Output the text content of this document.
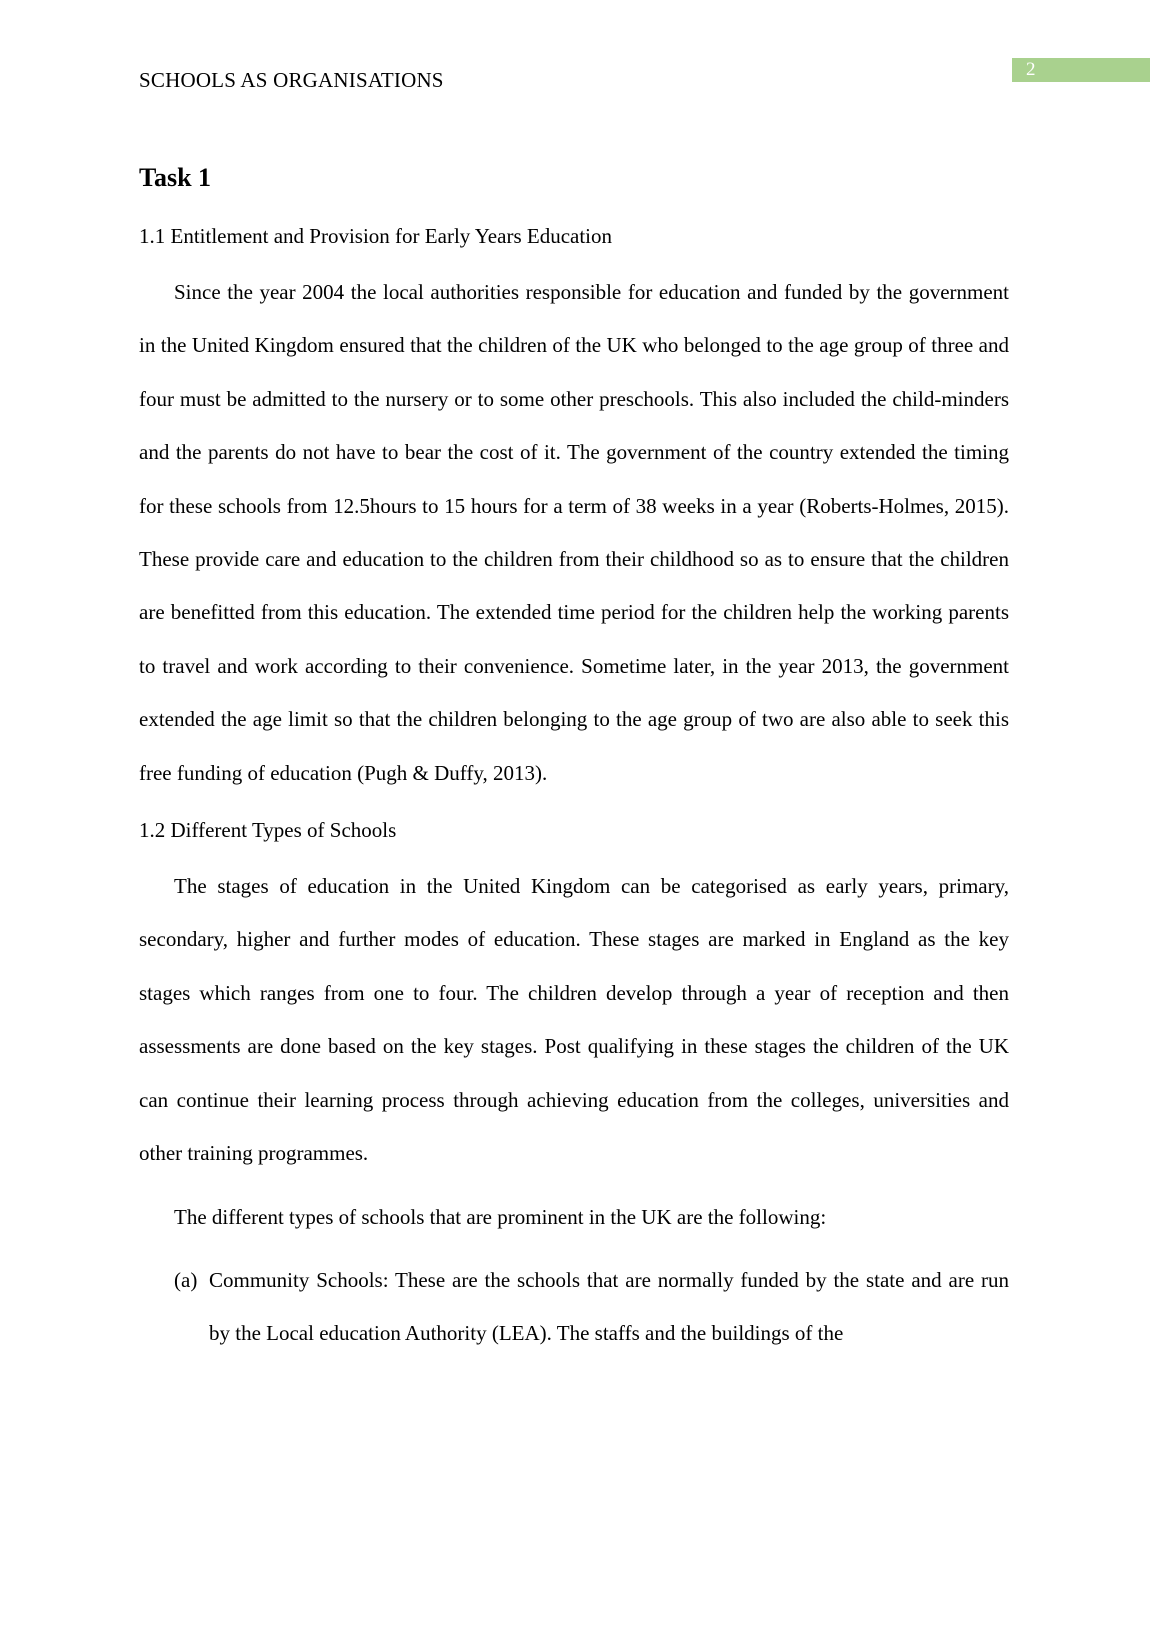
SCHOOLS AS ORGANISATIONS	2
Task 1
1.1 Entitlement and Provision for Early Years Education

Since the year 2004 the local authorities responsible for education and funded by the government in the United Kingdom ensured that the children of the UK who belonged to the age group of three and four must be admitted to the nursery or to some other preschools. This also included the child-minders and the parents do not have to bear the cost of it. The government of the country extended the timing for these schools from 12.5hours to 15 hours for a term of 38 weeks in a year (Roberts-Holmes, 2015). These provide care and education to the children from their childhood so as to ensure that the children are benefitted from this education. The extended time period for the children help the working parents to travel and work according to their convenience. Sometime later, in the year 2013, the government extended the age limit so that the children belonging to the age group of two are also able to seek this free funding of education (Pugh & Duffy, 2013).

1.2 Different Types of Schools

The stages of education in the United Kingdom can be categorised as early years, primary, secondary, higher and further modes of education. These stages are marked in England as the key stages which ranges from one to four. The children develop through a year of reception and then assessments are done based on the key stages. Post qualifying in these stages the children of the UK can continue their learning process through achieving education from the colleges, universities and other training programmes.

The different types of schools that are prominent in the UK are the following:

(a) Community Schools: These are the schools that are normally funded by the state and are run by the Local education Authority (LEA). The staffs and the buildings of the
